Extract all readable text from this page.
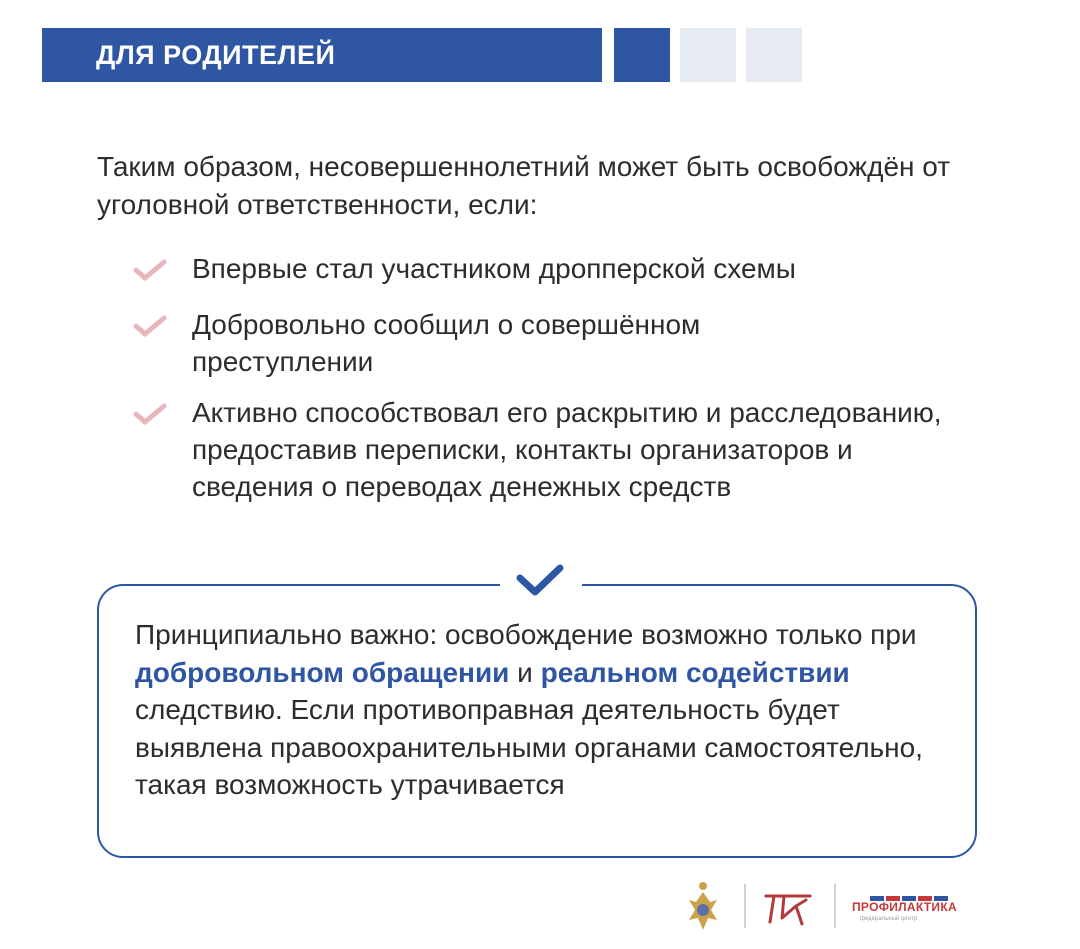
ДЛЯ РОДИТЕЛЕЙ
Таким образом, несовершеннолетний может быть освобождён от уголовной ответственности, если:
Впервые стал участником дропперской схемы
Добровольно сообщил о совершённом преступлении
Активно способствовал его раскрытию и расследованию, предоставив переписки, контакты организаторов и сведения о переводах денежных средств
Принципиально важно: освобождение возможно только при добровольном обращении и реальном содействии следствию. Если противоправная деятельность будет выявлена правоохранительными органами самостоятельно, такая возможность утрачивается
ПРОФИЛАКТИКА
федеральный центр
